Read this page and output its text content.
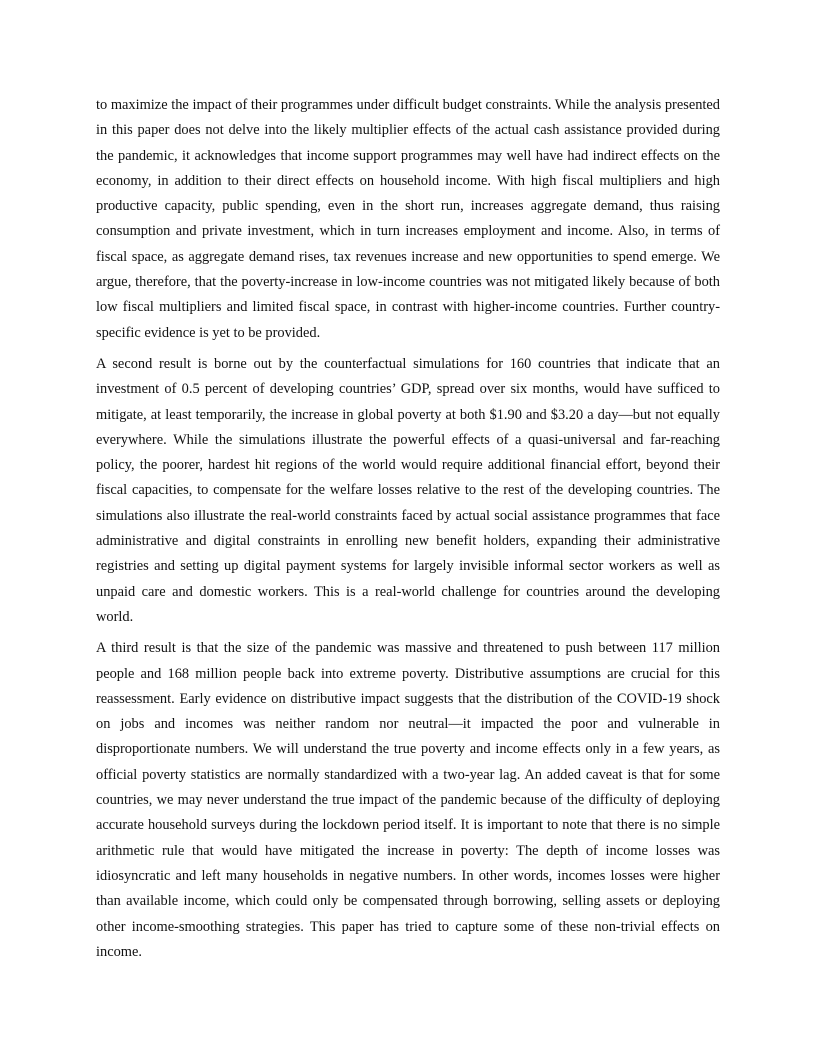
to maximize the impact of their programmes under difficult budget constraints. While the analysis presented in this paper does not delve into the likely multiplier effects of the actual cash assistance provided during the pandemic, it acknowledges that income support programmes may well have had indirect effects on the economy, in addition to their direct effects on household income. With high fiscal multipliers and high productive capacity, public spending, even in the short run, increases aggregate demand, thus raising consumption and private investment, which in turn increases employment and income. Also, in terms of fiscal space, as aggregate demand rises, tax revenues increase and new opportunities to spend emerge. We argue, therefore, that the poverty-increase in low-income countries was not mitigated likely because of both low fiscal multipliers and limited fiscal space, in contrast with higher-income countries. Further country-specific evidence is yet to be provided.

A second result is borne out by the counterfactual simulations for 160 countries that indicate that an investment of 0.5 percent of developing countries’ GDP, spread over six months, would have sufficed to mitigate, at least temporarily, the increase in global poverty at both $1.90 and $3.20 a day—but not equally everywhere. While the simulations illustrate the powerful effects of a quasi-universal and far-reaching policy, the poorer, hardest hit regions of the world would require additional financial effort, beyond their fiscal capacities, to compensate for the welfare losses relative to the rest of the developing countries. The simulations also illustrate the real-world constraints faced by actual social assistance programmes that face administrative and digital constraints in enrolling new benefit holders, expanding their administrative registries and setting up digital payment systems for largely invisible informal sector workers as well as unpaid care and domestic workers. This is a real-world challenge for countries around the developing world.

A third result is that the size of the pandemic was massive and threatened to push between 117 million people and 168 million people back into extreme poverty. Distributive assumptions are crucial for this reassessment. Early evidence on distributive impact suggests that the distribution of the COVID-19 shock on jobs and incomes was neither random nor neutral—it impacted the poor and vulnerable in disproportionate numbers. We will understand the true poverty and income effects only in a few years, as official poverty statistics are normally standardized with a two-year lag. An added caveat is that for some countries, we may never understand the true impact of the pandemic because of the difficulty of deploying accurate household surveys during the lockdown period itself. It is important to note that there is no simple arithmetic rule that would have mitigated the increase in poverty: The depth of income losses was idiosyncratic and left many households in negative numbers. In other words, incomes losses were higher than available income, which could only be compensated through borrowing, selling assets or deploying other income-smoothing strategies. This paper has tried to capture some of these non-trivial effects on income.
